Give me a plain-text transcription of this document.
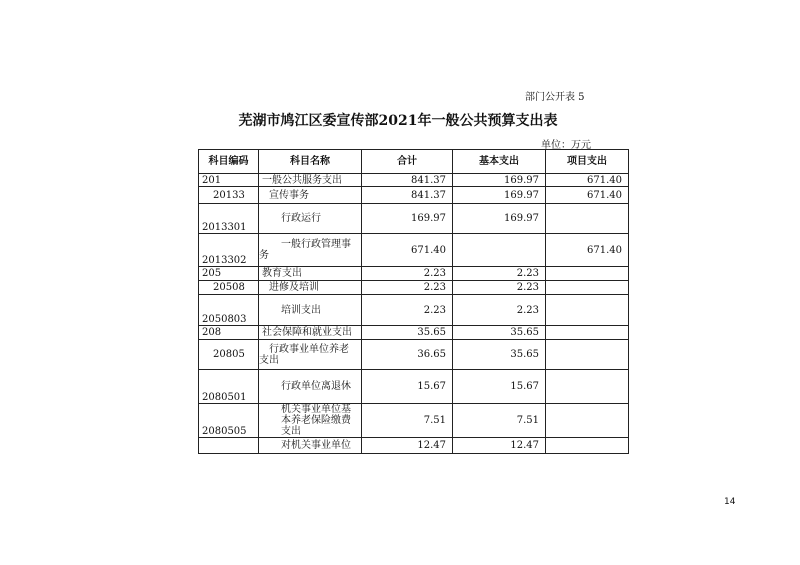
部门公开表 5
芜湖市鸠江区委宣传部2021年一般公共预算支出表
单位：万元
科目编码	科目名称	合计	基本支出	项目支出
201	一般公共服务支出	841.37	169.97	671.40
20133	宣传事务	841.37	169.97	671.40
2013301	行政运行	169.97	169.97	
2013302	一般行政管理事务	671.40		671.40
205	教育支出	2.23	2.23	
20508	进修及培训	2.23	2.23	
2050803	培训支出	2.23	2.23	
208	社会保障和就业支出	35.65	35.65	
20805	行政事业单位养老支出	36.65	35.65	
2080501	行政单位离退休	15.67	15.67	
2080505	机关事业单位基本养老保险缴费支出	7.51	7.51	
	对机关事业单位	12.47	12.47	
14
